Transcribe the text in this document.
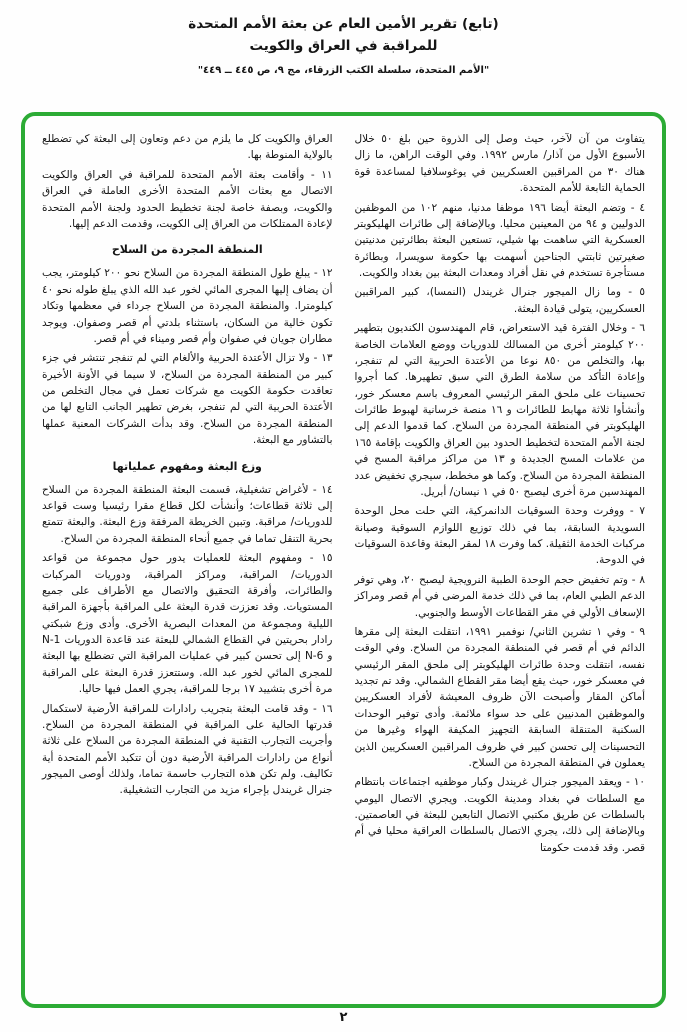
(تابع) تقرير الأمين العام عن بعثة الأمم المتحدة
للمراقبة في العراق والكويت
"الأمم المتحدة، سلسلة الكتب الزرقاء، مج ٩، ص ٤٤٥ ــ ٤٤٩"

يتفاوت من آن لآخر، حيث وصل إلى الذروة حين بلغ ٥٠ خلال الأسبوع الأول من آذار/ مارس ١٩٩٢. وفي الوقت الراهن، ما زال هناك ٣٠ من المراقبين العسكريين في يوغوسلافيا لمساعدة قوة الحماية التابعة للأمم المتحدة.

٤ - وتضم البعثة أيضا ١٩٦ موظفا مدنيا، منهم ١٠٢ من الموظفين الدوليين و ٩٤ من المعينين محليا. وبالإضافة إلى طائرات الهليكوبتر العسكرية التي ساهمت بها شيلي، تستعين البعثة بطائرتين مدنيتين صغيرتين ثابتتي الجناحين أسهمت بها حكومة سويسرا، وبطائرة مستأجرة تستخدم في نقل أفراد ومعدات البعثة بين بغداد والكويت.

٥ - وما زال الميجور جنرال غريندل (النمسا)، كبير المراقبين العسكريين، يتولى قيادة البعثة.

٦ - وخلال الفترة قيد الاستعراض، قام المهندسون الكنديون بتطهير ٢٠٠ كيلومتر أخرى من المسالك للدوريات ووضع العلامات الخاصة بها، والتخلص من ٨٥٠ نوعا من الأعتدة الحربية التي لم تنفجر، وإعادة التأكد من سلامة الطرق التي سبق تطهيرها. كما أجروا تحسينات على ملحق المقر الرئيسي المعروف باسم معسكر خور، وأنشأوا ثلاثة مهابط للطائرات و ١٦ منصة خرسانية لهبوط طائرات الهليكوبتر في المنطقة المجردة من السلاح. كما قدموا الدعم إلى لجنة الأمم المتحدة لتخطيط الحدود بين العراق والكويت بإقامة ١٦٥ من علامات المسح الجديدة و ١٣ من مراكز مراقبة المسح في المنطقة المجردة من السلاح. وكما هو مخطط، سيجري تخفيض عدد المهندسين مرة أخرى ليصبح ٥٠ في ١ نيسان/ أبريل.

٧ - ووفرت وحدة السوقيات الدانمركية، التي حلت محل الوحدة السويدية السابقة، بما في ذلك توزيع اللوازم السوقية وصيانة مركبات الخدمة الثقيلة. كما وفرت ١٨ لمقر البعثة وقاعدة السوقيات في الدوحة.

٨ - وتم تخفيض حجم الوحدة الطبية النرويجية ليصبح ٢٠، وهي توفر الدعم الطبي العام، بما في ذلك خدمة المرضى في أم قصر ومراكز الإسعاف الأولي في مقر القطاعات الأوسط والجنوبي.

٩ - وفي ١ تشرين الثاني/ نوفمبر ١٩٩١، انتقلت البعثة إلى مقرها الدائم في أم قصر في المنطقة المجردة من السلاح. وفي الوقت نفسه، انتقلت وحدة طائرات الهليكوبتر إلى ملحق المقر الرئيسي في معسكر خور، حيث يقع أيضا مقر القطاع الشمالي. وقد تم تجديد أماكن المقار وأصبحت الآن ظروف المعيشة لأفراد العسكريين والموظفين المدنيين على حد سواء ملائمة. وأدى توفير الوحدات السكنية المتنقلة السابقة التجهيز المكيفة الهواء وغيرها من التحسينات إلى تحسن كبير في ظروف المراقبين العسكريين الذين يعملون في المنطقة المجردة من السلاح.

١٠ - ويعقد الميجور جنرال غريندل وكبار موظفيه اجتماعات بانتظام مع السلطات في بغداد ومدينة الكويت. ويجري الاتصال اليومي بالسلطات عن طريق مكتبي الاتصال التابعين للبعثة في العاصمتين. وبالإضافة إلى ذلك، يجري الاتصال بالسلطات العراقية محليا في أم قصر. وقد قدمت حكومتا

العراق والكويت كل ما يلزم من دعم وتعاون إلى البعثة كي تضطلع بالولاية المنوطة بها.

١١ - وأقامت بعثة الأمم المتحدة للمراقبة في العراق والكويت الاتصال مع بعثات الأمم المتحدة الأخرى العاملة في العراق والكويت، وبصفة خاصة لجنة تخطيط الحدود ولجنة الأمم المتحدة لإعادة الممتلكات من العراق إلى الكويت، وقدمت الدعم إليها.

المنطقة المجردة من السلاح

١٢ - يبلغ طول المنطقة المجردة من السلاح نحو ٢٠٠ كيلومتر، يجب أن يضاف إليها المجرى المائي لخور عبد الله الذي يبلغ طوله نحو ٤٠ كيلومترا. والمنطقة المجردة من السلاح جرداء في معظمها وتكاد تكون خالية من السكان، باستثناء بلدتي أم قصر وصفوان. ويوجد مطاران جويان في صفوان وأم قصر وميناء في أم قصر.

١٣ - ولا تزال الأعتدة الحربية والألغام التي لم تنفجر تنتشر في جزء كبير من المنطقة المجردة من السلاح، لا سيما في الأونة الأخيرة تعاقدت حكومة الكويت مع شركات تعمل في مجال التخلص من الأعتدة الحربية التي لم تنفجر، بغرض تطهير الجانب التابع لها من المنطقة المجردة من السلاح. وقد بدأت الشركات المعنية عملها بالتشاور مع البعثة.

وزع البعثة ومفهوم عملياتها

١٤ - لأغراض تشغيلية، قسمت البعثة المنطقة المجردة من السلاح إلى ثلاثة قطاعات؛ وأنشأت لكل قطاع مقرا رئيسيا وست قواعد للدوريات/ مراقبة. وتبين الخريطة المرفقة وزع البعثة. والبعثة تتمتع بحرية التنقل تماما في جميع أنحاء المنطقة المجردة من السلاح.

١٥ - ومفهوم البعثة للعمليات يدور حول مجموعة من قواعد الدوريات/ المراقبة، ومراكز المراقبة، ودوريات المركبات والطائرات، وأفرقة التحقيق والاتصال مع الأطراف على جميع المستويات. وقد تعززت قدرة البعثة على المراقبة بأجهزة المراقبة الليلية ومجموعة من المعدات البصرية الأخرى. وأدى وزع شبكتي رادار بحريتين في القطاع الشمالي للبعثة عند قاعدة الدوريات N-1 و N-6 إلى تحسن كبير في عمليات المراقبة التي تضطلع بها البعثة للمجرى المائي لخور عبد الله. وستتعزز قدرة البعثة على المراقبة مرة أخرى بتشييد ١٧ برجا للمراقبة، يجري العمل فيها حاليا.

١٦ - وقد قامت البعثة بتجريب رادارات للمراقبة الأرضية لاستكمال قدرتها الحالية على المراقبة في المنطقة المجردة من السلاح. وأجريت التجارب التقنية في المنطقة المجردة من السلاح على ثلاثة أنواع من رادارات المراقبة الأرضية دون أن تتكبد الأمم المتحدة أية تكاليف. ولم تكن هذه التجارب حاسمة تماما، ولذلك أوصى الميجور جنرال غريندل بإجراء مزيد من التجارب التشغيلية.

٢
